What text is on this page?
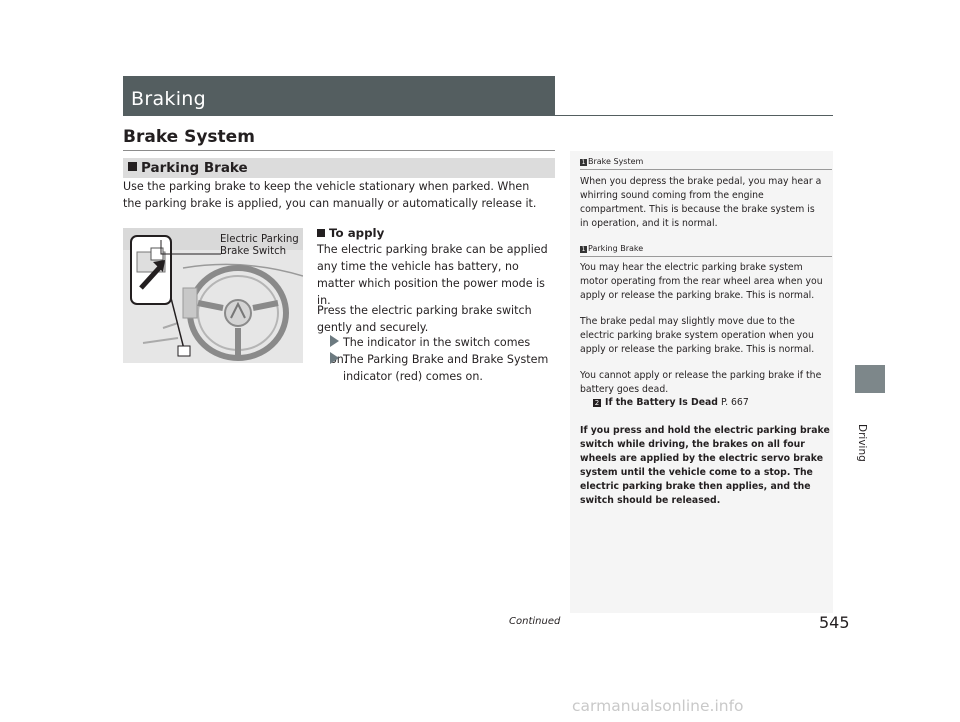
Braking
Brake System
Parking Brake
Use the parking brake to keep the vehicle stationary when parked. When the parking brake is applied, you can manually or automatically release it.
Electric Parking
Brake Switch
To apply
The electric parking brake can be applied any time the vehicle has battery, no matter which position the power mode is in.
Press the electric parking brake switch gently and securely.
The indicator in the switch comes on.
The Parking Brake and Brake System
indicator (red) comes on.
1 Brake System
When you depress the brake pedal, you may hear a whirring sound coming from the engine compartment. This is because the brake system is in operation, and it is normal.
1 Parking Brake
You may hear the electric parking brake system motor operating from the rear wheel area when you apply or release the parking brake. This is normal.
The brake pedal may slightly move due to the electric parking brake system operation when you apply or release the parking brake. This is normal.
You cannot apply or release the parking brake if the battery goes dead.
2 If the Battery Is Dead P. 667
If you press and hold the electric parking brake switch while driving, the brakes on all four wheels are applied by the electric servo brake system until the vehicle come to a stop. The electric parking brake then applies, and the switch should be released.
Driving
Continued	545
carmanualsonline.info
